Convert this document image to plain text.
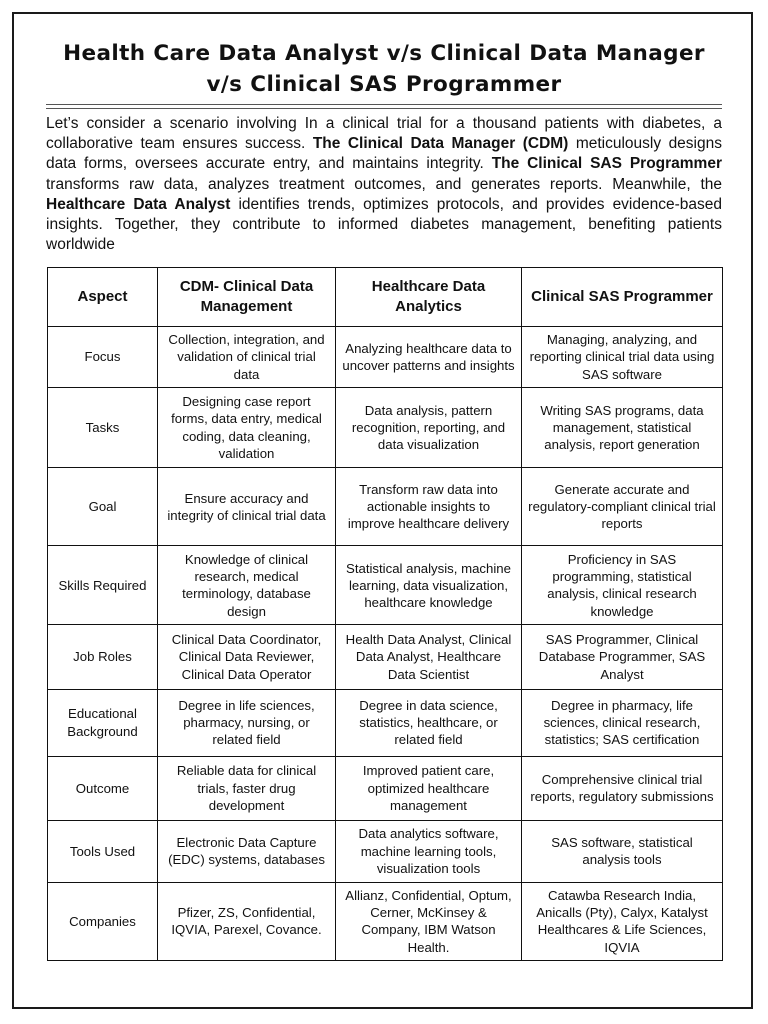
Health Care Data Analyst v/s Clinical Data Manager
v/s Clinical SAS Programmer

Let’s consider a scenario involving In a clinical trial for a thousand patients with diabetes, a collaborative team ensures success. The Clinical Data Manager (CDM) meticulously designs data forms, oversees accurate entry, and maintains integrity. The Clinical SAS Programmer transforms raw data, analyzes treatment outcomes, and generates reports. Meanwhile, the Healthcare Data Analyst identifies trends, optimizes protocols, and provides evidence-based insights. Together, they contribute to informed diabetes management, benefiting patients worldwide

Aspect	CDM- Clinical Data Management	Healthcare Data Analytics	Clinical SAS Programmer
Focus	Collection, integration, and validation of clinical trial data	Analyzing healthcare data to uncover patterns and insights	Managing, analyzing, and reporting clinical trial data using SAS software
Tasks	Designing case report forms, data entry, medical coding, data cleaning, validation	Data analysis, pattern recognition, reporting, and data visualization	Writing SAS programs, data management, statistical analysis, report generation
Goal	Ensure accuracy and integrity of clinical trial data	Transform raw data into actionable insights to improve healthcare delivery	Generate accurate and regulatory-compliant clinical trial reports
Skills Required	Knowledge of clinical research, medical terminology, database design	Statistical analysis, machine learning, data visualization, healthcare knowledge	Proficiency in SAS programming, statistical analysis, clinical research knowledge
Job Roles	Clinical Data Coordinator, Clinical Data Reviewer, Clinical Data Operator	Health Data Analyst, Clinical Data Analyst, Healthcare Data Scientist	SAS Programmer, Clinical Database Programmer, SAS Analyst
Educational Background	Degree in life sciences, pharmacy, nursing, or related field	Degree in data science, statistics, healthcare, or related field	Degree in pharmacy, life sciences, clinical research, statistics; SAS certification
Outcome	Reliable data for clinical trials, faster drug development	Improved patient care, optimized healthcare management	Comprehensive clinical trial reports, regulatory submissions
Tools Used	Electronic Data Capture (EDC) systems, databases	Data analytics software, machine learning tools, visualization tools	SAS software, statistical analysis tools
Companies	Pfizer, ZS, Confidential, IQVIA, Parexel, Covance.	Allianz, Confidential, Optum, Cerner, McKinsey & Company, IBM Watson Health.	Catawba Research India, Anicalls (Pty), Calyx, Katalyst Healthcares & Life Sciences, IQVIA
